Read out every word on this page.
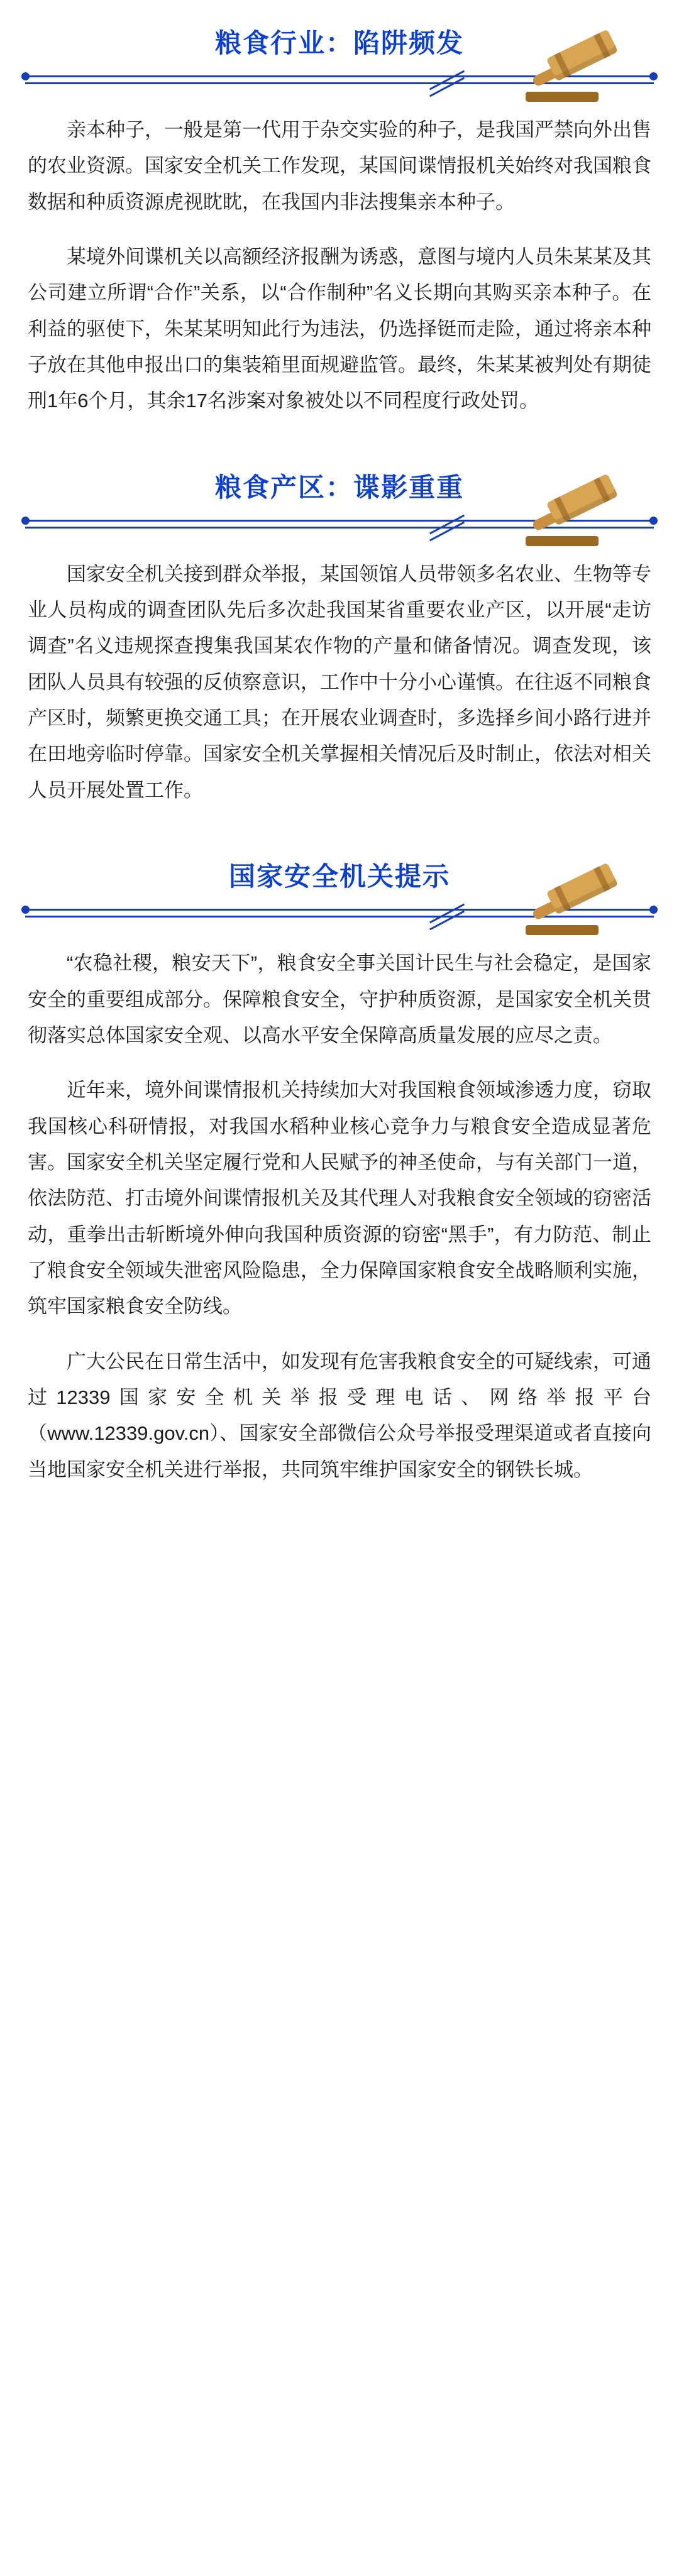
粮食行业：陷阱频发

亲本种子，一般是第一代用于杂交实验的种子，是我国严禁向外出售的农业资源。国家安全机关工作发现，某国间谍情报机关始终对我国粮食数据和种质资源虎视眈眈，在我国内非法搜集亲本种子。

某境外间谍机关以高额经济报酬为诱惑，意图与境内人员朱某某及其公司建立所谓“合作”关系，以“合作制种”名义长期向其购买亲本种子。在利益的驱使下，朱某某明知此行为违法，仍选择铤而走险，通过将亲本种子放在其他申报出口的集装箱里面规避监管。最终，朱某某被判处有期徒刑1年6个月，其余17名涉案对象被处以不同程度行政处罚。

粮食产区：谍影重重

国家安全机关接到群众举报，某国领馆人员带领多名农业、生物等专业人员构成的调查团队先后多次赴我国某省重要农业产区，以开展“走访调查”名义违规探查搜集我国某农作物的产量和储备情况。调查发现，该团队人员具有较强的反侦察意识，工作中十分小心谨慎。在往返不同粮食产区时，频繁更换交通工具；在开展农业调查时，多选择乡间小路行进并在田地旁临时停靠。国家安全机关掌握相关情况后及时制止，依法对相关人员开展处置工作。

国家安全机关提示

“农稳社稷，粮安天下”，粮食安全事关国计民生与社会稳定，是国家安全的重要组成部分。保障粮食安全，守护种质资源，是国家安全机关贯彻落实总体国家安全观、以高水平安全保障高质量发展的应尽之责。

近年来，境外间谍情报机关持续加大对我国粮食领域渗透力度，窃取我国核心科研情报，对我国水稻种业核心竞争力与粮食安全造成显著危害。国家安全机关坚定履行党和人民赋予的神圣使命，与有关部门一道，依法防范、打击境外间谍情报机关及其代理人对我粮食安全领域的窃密活动，重拳出击斩断境外伸向我国种质资源的窃密“黑手”，有力防范、制止了粮食安全领域失泄密风险隐患，全力保障国家粮食安全战略顺利实施，筑牢国家粮食安全防线。

广大公民在日常生活中，如发现有危害我粮食安全的可疑线索，可通过12339国家安全机关举报受理电话、网络举报平台（www.12339.gov.cn）、国家安全部微信公众号举报受理渠道或者直接向当地国家安全机关进行举报，共同筑牢维护国家安全的钢铁长城。
